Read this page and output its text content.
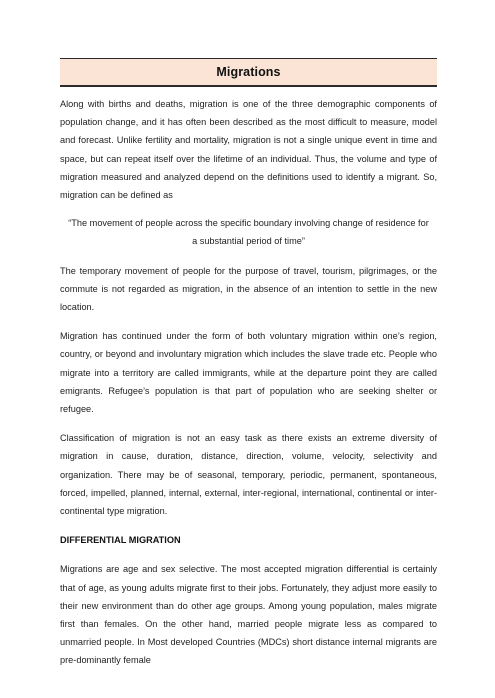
Migrations

Along with births and deaths, migration is one of the three demographic components of population change, and it has often been described as the most difficult to measure, model and forecast. Unlike fertility and mortality, migration is not a single unique event in time and space, but can repeat itself over the lifetime of an individual. Thus, the volume and type of migration measured and analyzed depend on the definitions used to identify a migrant. So, migration can be defined as

“The movement of people across the specific boundary involving change of residence for a substantial period of time”

The temporary movement of people for the purpose of travel, tourism, pilgrimages, or the commute is not regarded as migration, in the absence of an intention to settle in the new location.

Migration has continued under the form of both voluntary migration within one’s region, country, or beyond and involuntary migration which includes the slave trade etc. People who migrate into a territory are called immigrants, while at the departure point they are called emigrants. Refugee’s population is that part of population who are seeking shelter or refugee.

Classification of migration is not an easy task as there exists an extreme diversity of migration in cause, duration, distance, direction, volume, velocity, selectivity and organization. There may be of seasonal, temporary, periodic, permanent, spontaneous, forced, impelled, planned, internal, external, inter-regional, international, continental or inter-continental type migration.

DIFFERENTIAL MIGRATION

Migrations are age and sex selective. The most accepted migration differential is certainly that of age, as young adults migrate first to their jobs. Fortunately, they adjust more easily to their new environment than do other age groups. Among young population, males migrate first than females. On the other hand, married people migrate less as compared to unmarried people. In Most developed Countries (MDCs) short distance internal migrants are pre-dominantly female
